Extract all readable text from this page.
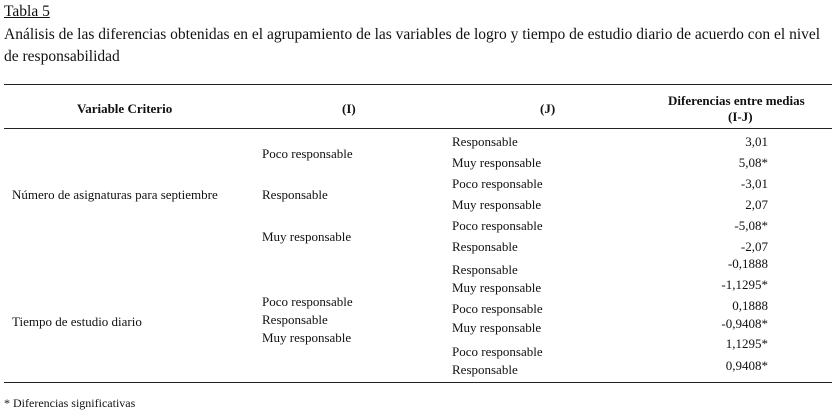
Tabla 5
Análisis de las diferencias obtenidas en el agrupamiento de las variables de logro y tiempo de estudio diario de acuerdo con el nivel de responsabilidad
Variable Criterio	(I)	(J)
Diferencias entre medias
(I-J)
Número de asignaturas para septiembre
Poco responsable
Responsable
Muy responsable
Responsable
Muy responsable
Poco responsable
Muy responsable
Poco responsable
Responsable
3,01
5,08*
-3,01
2,07
-5,08*
-2,07
Tiempo de estudio diario
Poco responsable
Responsable
Muy responsable
Responsable
Muy responsable
Poco responsable
Muy responsable
Poco responsable
Responsable
-0,1888
-1,1295*
0,1888
-0,9408*
1,1295*
0,9408*
* Diferencias significativas
